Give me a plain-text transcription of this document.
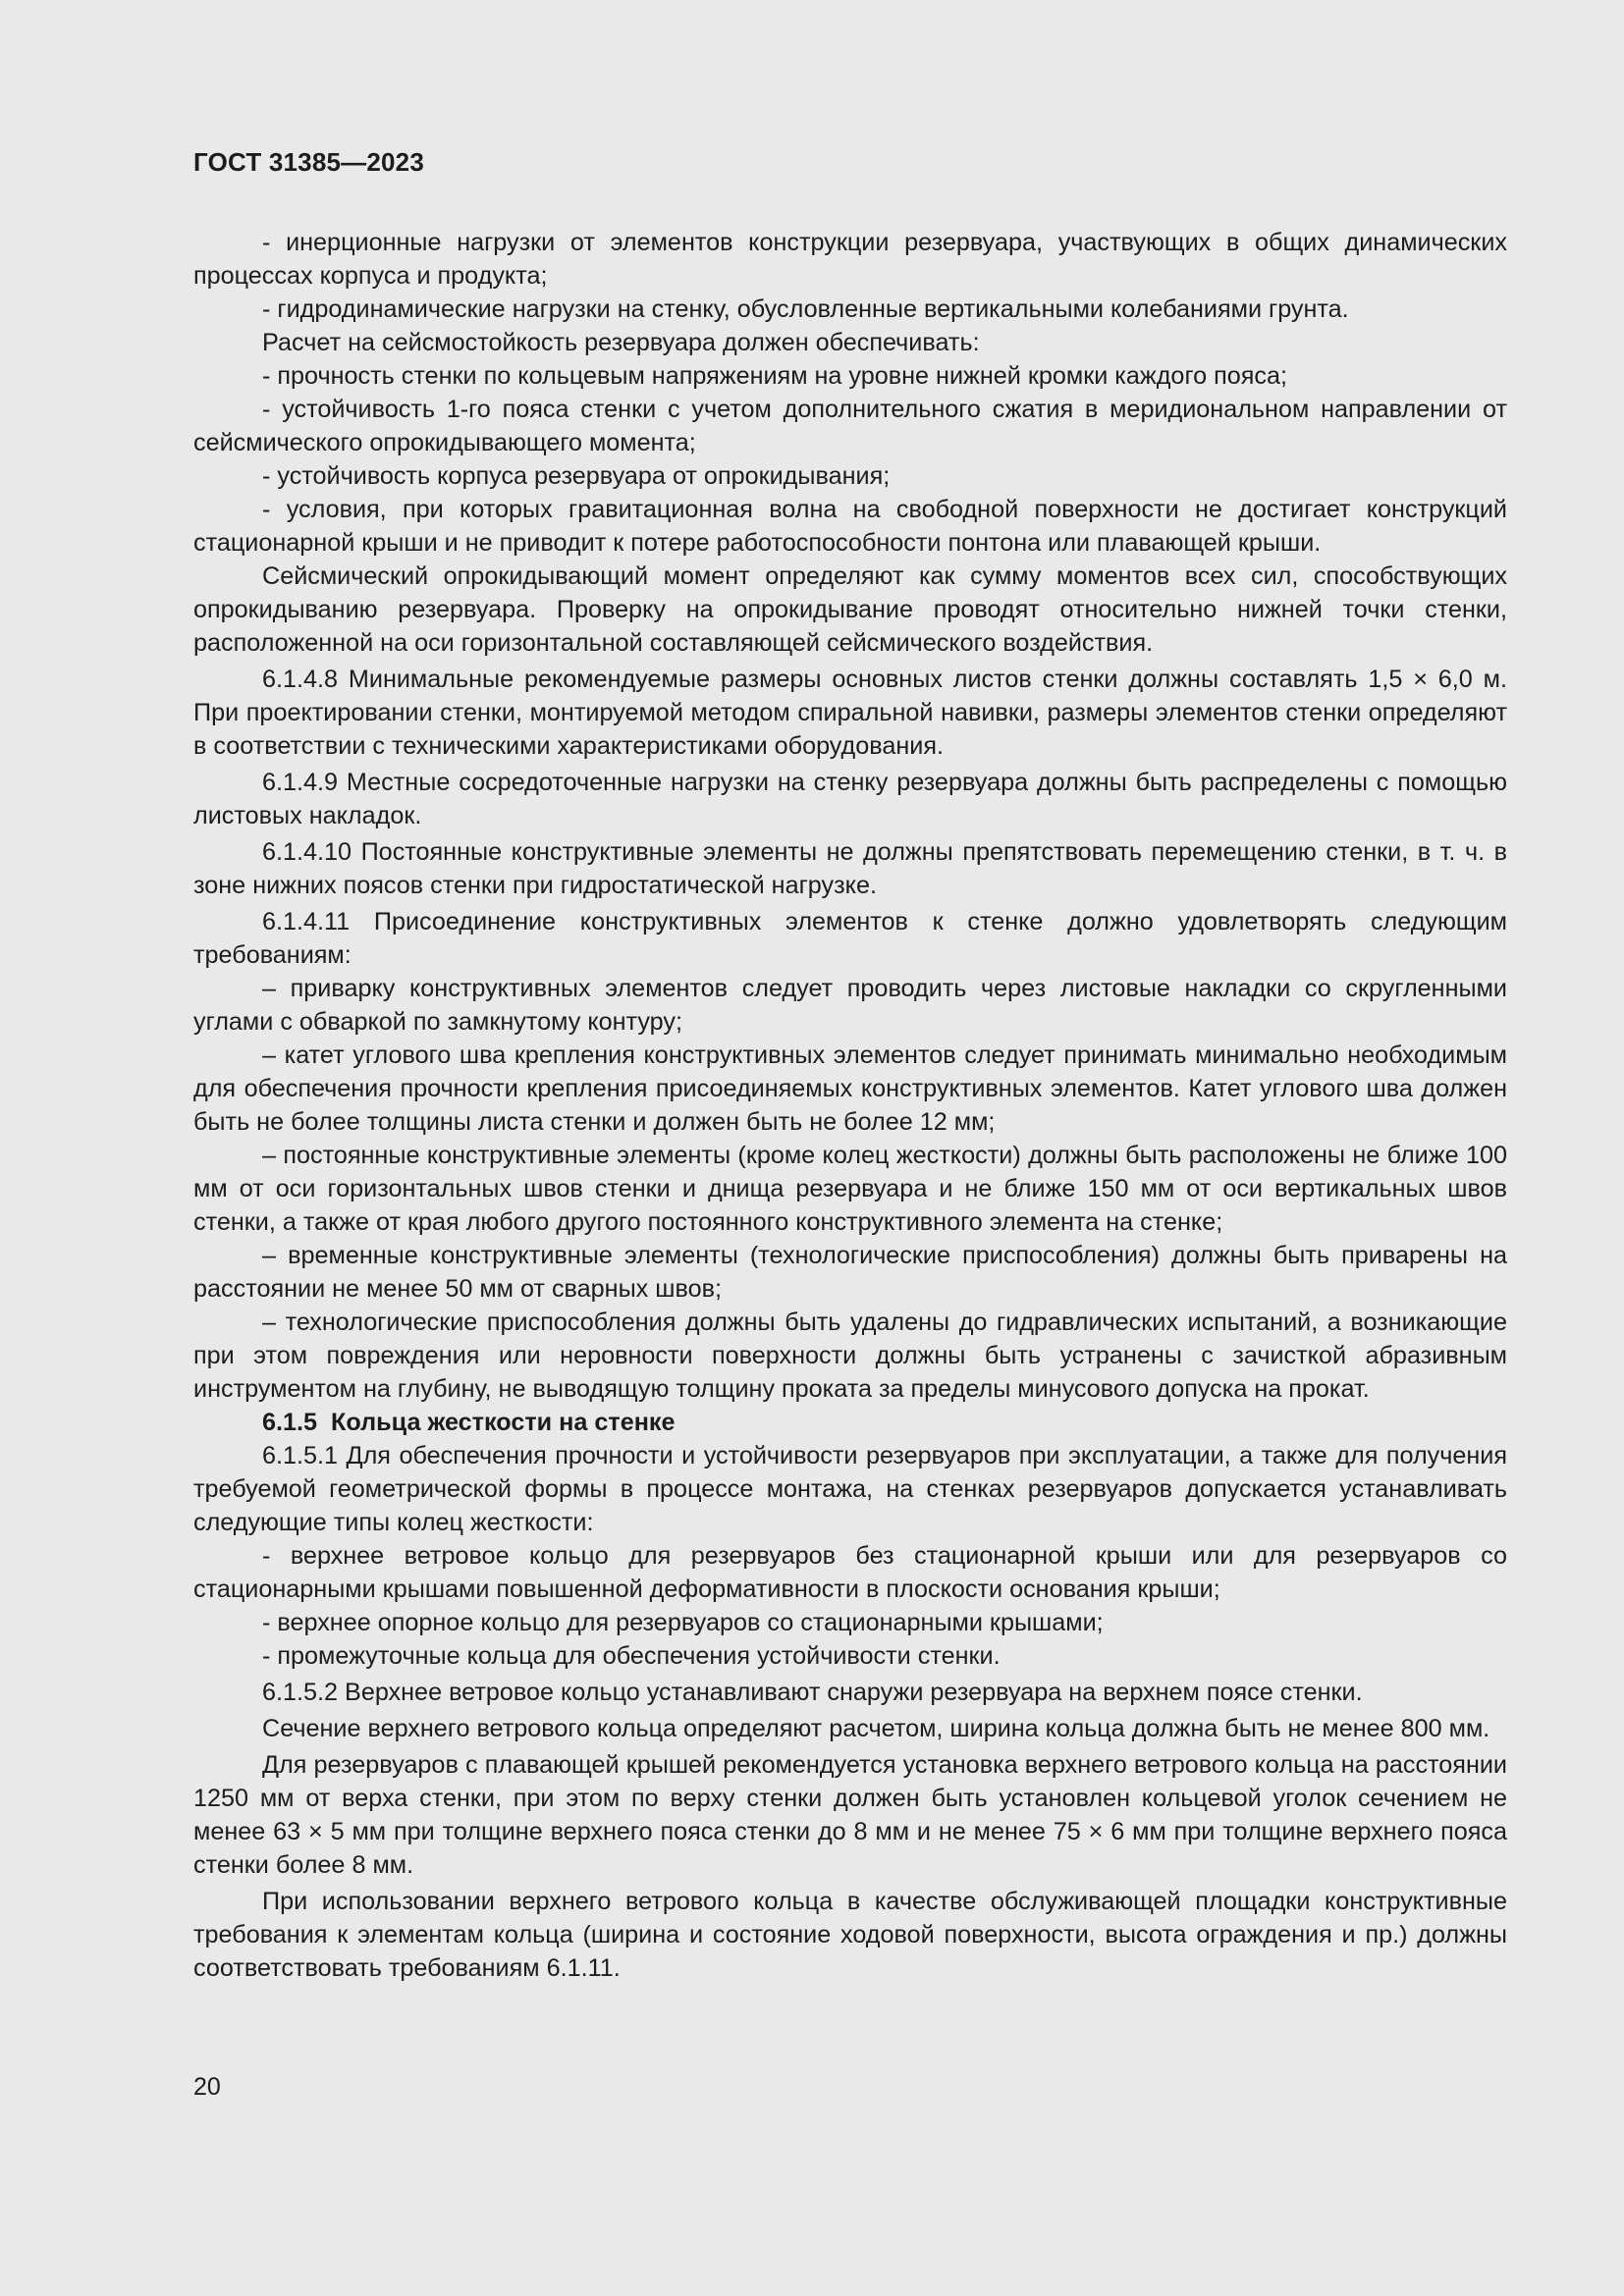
ГОСТ 31385—2023

- инерционные нагрузки от элементов конструкции резервуара, участвующих в общих динамических процессах корпуса и продукта;

- гидродинамические нагрузки на стенку, обусловленные вертикальными колебаниями грунта.

Расчет на сейсмостойкость резервуара должен обеспечивать:

- прочность стенки по кольцевым напряжениям на уровне нижней кромки каждого пояса;

- устойчивость 1-го пояса стенки с учетом дополнительного сжатия в меридиональном направлении от сейсмического опрокидывающего момента;

- устойчивость корпуса резервуара от опрокидывания;

- условия, при которых гравитационная волна на свободной поверхности не достигает конструкций стационарной крыши и не приводит к потере работоспособности понтона или плавающей крыши.

Сейсмический опрокидывающий момент определяют как сумму моментов всех сил, способствующих опрокидыванию резервуара. Проверку на опрокидывание проводят относительно нижней точки стенки, расположенной на оси горизонтальной составляющей сейсмического воздействия.

6.1.4.8 Минимальные рекомендуемые размеры основных листов стенки должны составлять 1,5 × 6,0 м. При проектировании стенки, монтируемой методом спиральной навивки, размеры элементов стенки определяют в соответствии с техническими характеристиками оборудования.

6.1.4.9 Местные сосредоточенные нагрузки на стенку резервуара должны быть распределены с помощью листовых накладок.

6.1.4.10 Постоянные конструктивные элементы не должны препятствовать перемещению стенки, в т. ч. в зоне нижних поясов стенки при гидростатической нагрузке.

6.1.4.11 Присоединение конструктивных элементов к стенке должно удовлетворять следующим требованиям:

– приварку конструктивных элементов следует проводить через листовые накладки со скругленными углами с обваркой по замкнутому контуру;

– катет углового шва крепления конструктивных элементов следует принимать минимально необходимым для обеспечения прочности крепления присоединяемых конструктивных элементов. Катет углового шва должен быть не более толщины листа стенки и должен быть не более 12 мм;

– постоянные конструктивные элементы (кроме колец жесткости) должны быть расположены не ближе 100 мм от оси горизонтальных швов стенки и днища резервуара и не ближе 150 мм от оси вертикальных швов стенки, а также от края любого другого постоянного конструктивного элемента на стенке;

– временные конструктивные элементы (технологические приспособления) должны быть приварены на расстоянии не менее 50 мм от сварных швов;

– технологические приспособления должны быть удалены до гидравлических испытаний, а возникающие при этом повреждения или неровности поверхности должны быть устранены с зачисткой абразивным инструментом на глубину, не выводящую толщину проката за пределы минусового допуска на прокат.

6.1.5 Кольца жесткости на стенке

6.1.5.1 Для обеспечения прочности и устойчивости резервуаров при эксплуатации, а также для получения требуемой геометрической формы в процессе монтажа, на стенках резервуаров допускается устанавливать следующие типы колец жесткости:

- верхнее ветровое кольцо для резервуаров без стационарной крыши или для резервуаров со стационарными крышами повышенной деформативности в плоскости основания крыши;

- верхнее опорное кольцо для резервуаров со стационарными крышами;

- промежуточные кольца для обеспечения устойчивости стенки.

6.1.5.2 Верхнее ветровое кольцо устанавливают снаружи резервуара на верхнем поясе стенки.

Сечение верхнего ветрового кольца определяют расчетом, ширина кольца должна быть не менее 800 мм.

Для резервуаров с плавающей крышей рекомендуется установка верхнего ветрового кольца на расстоянии 1250 мм от верха стенки, при этом по верху стенки должен быть установлен кольцевой уголок сечением не менее 63 × 5 мм при толщине верхнего пояса стенки до 8 мм и не менее 75 × 6 мм при толщине верхнего пояса стенки более 8 мм.

При использовании верхнего ветрового кольца в качестве обслуживающей площадки конструктивные требования к элементам кольца (ширина и состояние ходовой поверхности, высота ограждения и пр.) должны соответствовать требованиям 6.1.11.

20
